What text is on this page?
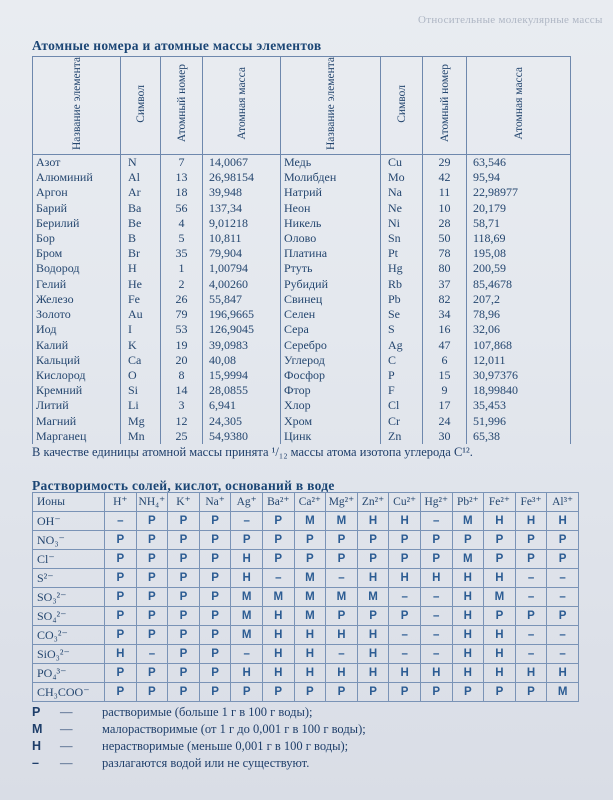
Относительные молекулярные массы
Атомные номера и атомные массы элементов
Название элемента	Символ	Атомный номер	Атомная масса	Название элемента	Символ	Атомный номер	Атомная масса
Азот	N	7	14,0067	Медь	Cu	29	63,546
Алюминий	Al	13	26,98154	Молибден	Mo	42	95,94
Аргон	Ar	18	39,948	Натрий	Na	11	22,98977
Барий	Ba	56	137,34	Неон	Ne	10	20,179
Берилий	Be	4	9,01218	Никель	Ni	28	58,71
Бор	B	5	10,811	Олово	Sn	50	118,69
Бром	Br	35	79,904	Платина	Pt	78	195,08
Водород	H	1	1,00794	Ртуть	Hg	80	200,59
Гелий	He	2	4,00260	Рубидий	Rb	37	85,4678
Железо	Fe	26	55,847	Свинец	Pb	82	207,2
Золото	Au	79	196,9665	Селен	Se	34	78,96
Иод	I	53	126,9045	Сера	S	16	32,06
Калий	K	19	39,0983	Серебро	Ag	47	107,868
Кальций	Ca	20	40,08	Углерод	C	6	12,011
Кислород	O	8	15,9994	Фосфор	P	15	30,97376
Кремний	Si	14	28,0855	Фтор	F	9	18,99840
Литий	Li	3	6,941	Хлор	Cl	17	35,453
Магний	Mg	12	24,305	Хром	Cr	24	51,996
Марганец	Mn	25	54,9380	Цинк	Zn	30	65,38
В качестве единицы атомной массы принята ¹/₁₂ массы атома изотопа углерода C¹².
Растворимость солей, кислот, оснований в воде
Ионы	H⁺	NH₄⁺	K⁺	Na⁺	Ag⁺	Ba²⁺	Ca²⁺	Mg²⁺	Zn²⁺	Cu²⁺	Hg²⁺	Pb²⁺	Fe²⁺	Fe³⁺	Al³⁺
OH⁻	–	Р	Р	Р	–	Р	М	М	Н	Н	–	М	Н	Н	Н
NO₃⁻	Р	Р	Р	Р	Р	Р	Р	Р	Р	Р	Р	Р	Р	Р	Р
Cl⁻	Р	Р	Р	Р	Н	Р	Р	Р	Р	Р	Р	М	Р	Р	Р
S²⁻	Р	Р	Р	Р	Н	–	М	–	Н	Н	Н	Н	Н	–	–
SO₃²⁻	Р	Р	Р	Р	М	М	М	М	М	–	–	Н	М	–	–
SO₄²⁻	Р	Р	Р	Р	М	Н	М	Р	Р	Р	–	Н	Р	Р	Р
CO₃²⁻	Р	Р	Р	Р	М	Н	Н	Н	Н	–	–	Н	Н	–	–
SiO₃²⁻	Н	–	Р	Р	–	Н	Н	–	Н	–	–	Н	Н	–	–
PO₄³⁻	Р	Р	Р	Р	Н	Н	Н	Н	Н	Н	Н	Н	Н	Н	Н
CH₃COO⁻	Р	Р	Р	Р	Р	Р	Р	Р	Р	Р	Р	Р	Р	Р	М
Р	—	растворимые (больше 1 г в 100 г воды);
М	—	малорастворимые (от 1 г до 0,001 г в 100 г воды);
Н	—	нерастворимые (меньше 0,001 г в 100 г воды);
–	—	разлагаются водой или не существуют.
